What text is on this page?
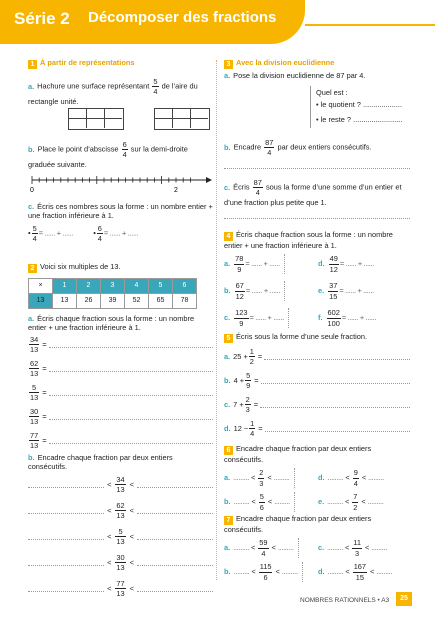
Série 2 Décomposer des fractions
1 À partir de représentations
a. Hachure une surface représentant $\frac{5}{4}$ de l’aire du rectangle unité.
b. Place le point d’abscisse $\frac{6}{4}$ sur la demi-droite graduée suivante.
0	2
c. Écris ces nombres sous la forme : un nombre entier + une fraction inférieure à 1.
• $\frac{5}{4}$ = ...... + ......	• $\frac{6}{4}$ = ...... + ......
2 Voici six multiples de 13.
×	1	2	3	4	5	6
13	13	26	39	52	65	78
a. Écris chaque fraction sous la forme : un nombre entier + une fraction inférieure à 1.
$\frac{34}{13}$ =
$\frac{62}{13}$ =
$\frac{5}{13}$ =
$\frac{30}{13}$ =
$\frac{77}{13}$ =
b. Encadre chaque fraction par deux entiers consécutifs.
< $\frac{34}{13}$ <
< $\frac{62}{13}$ <
< $\frac{5}{13}$ <
< $\frac{30}{13}$ <
< $\frac{77}{13}$ <
3 Avec la division euclidienne
a. Pose la division euclidienne de 87 par 4.
Quel est :
• le quotient ? ...................
• le reste ? ........................
b. Encadre $\frac{87}{4}$ par deux entiers consécutifs.
c. Écris $\frac{87}{4}$ sous la forme d’une somme d’un entier et d’une fraction plus petite que 1.
4 Écris chaque fraction sous la forme : un nombre entier + une fraction inférieure à 1.
a. $\frac{78}{9}$ = ...... + ......	d. $\frac{49}{12}$ = ...... + ......
b. $\frac{67}{12}$ = ...... + ......	e. $\frac{37}{15}$ = ...... + ......
c. $\frac{123}{9}$ = ...... + ......	f. $\frac{602}{100}$ = ...... + ......
5 Écris sous la forme d’une seule fraction.
a. $25 + \frac{1}{2}$ =
b. $4 + \frac{5}{9}$ =
c. $7 + \frac{2}{3}$ =
d. $12 - \frac{1}{4}$ =
6 Encadre chaque fraction par deux entiers consécutifs.
a. ......... < $\frac{2}{3}$ < .........	d. ......... < $\frac{9}{4}$ < .........
b. ......... < $\frac{5}{6}$ < .........	e. ......... < $\frac{7}{2}$ < .........
7 Encadre chaque fraction par deux entiers consécutifs.
a. ......... < $\frac{59}{4}$ < .........	c. ......... < $\frac{11}{3}$ < .........
b. ......... < $\frac{115}{6}$ < .........	d. ......... < $\frac{167}{15}$ < .........
NOMBRES RATIONNELS • A3	25
